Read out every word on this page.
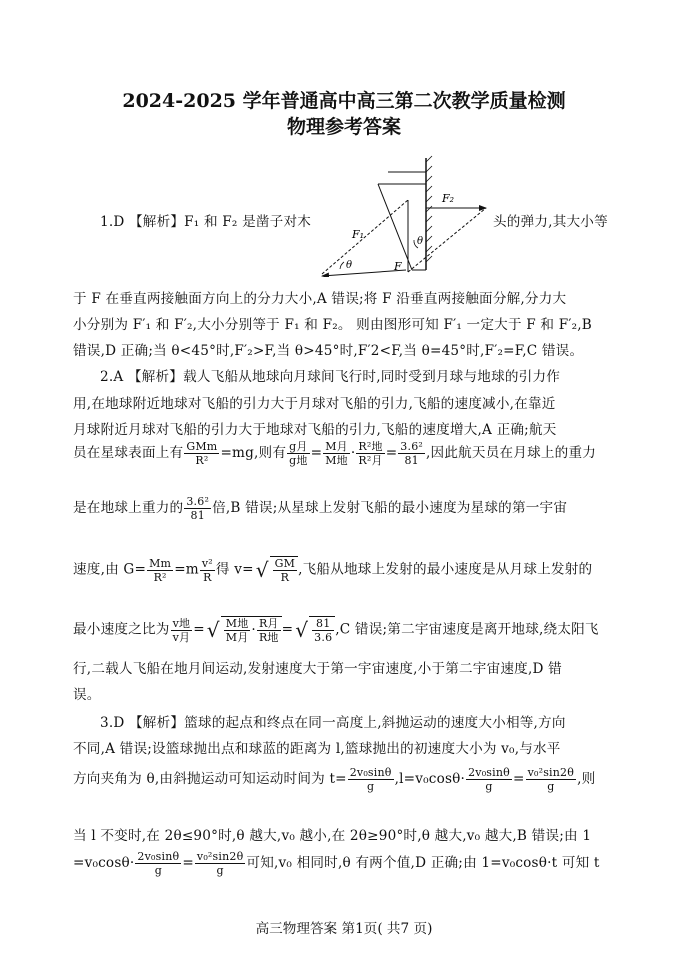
2024-2025 学年普通高中高三第二次教学质量检测
物理参考答案
F₂
F₁
F
θ
θ
1.D 【解析】F₁ 和 F₂ 是凿子对木	头的弹力,其大小等
于 F 在垂直两接触面方向上的分力大小,A 错误;将 F 沿垂直两接触面分解,分力大
小分别为 F′₁ 和 F′₂,大小分别等于 F₁ 和 F₂。 则由图形可知 F′₁ 一定大于 F 和 F′₂,B
错误,D 正确;当 θ<45°时,F′₂>F,当 θ>45°时,F′2<F,当 θ=45°时,F′₂=F,C 错误。
2.A 【解析】载人飞船从地球向月球间飞行时,同时受到月球与地球的引力作
用,在地球附近地球对飞船的引力大于月球对飞船的引力,飞船的速度减小,在靠近
月球附近月球对飞船的引力大于地球对飞船的引力,飞船的速度增大,A 正确;航天
员在星球表面上有 $\frac{\text{GMm}}{\text{R²}} =mg$,则有 $\frac{\text{g月}}{\text{g地}} = \frac{\text{M月}}{\text{M地}} \cdot \frac{\text{R²地}}{\text{R²月}} = \frac{\text{3.6²}}{81}$ ,因此航天员在月球上的重力
是在地球上重力的 $\frac{\text{3.6²}}{81}$ 倍,B 错误;从星球上发射飞船的最小速度为星球的第一宇宙
速度,由 $G= \frac{Mm}{\text{R²}} =m \frac{\text{v²}}{R}$ 得 v= √ $\frac{GM}{R}$ ,飞船从地球上发射的最小速度是从月球上发射的
最小速度之比为 $\frac{\text{v地}}{\text{v月}}$ = √ $\frac{\text{M地}}{\text{M月}} \cdot \frac{\text{R月}}{\text{R地}}$ = √ $\frac{81}{3.6} ,C$ 错误;第二宇宙速度是离开地球,绕太阳飞
行,二载人飞船在地月间运动,发射速度大于第一宇宙速度,小于第二宇宙速度,D 错
误。
3.D 【解析】篮球的起点和终点在同一高度上,斜抛运动的速度大小相等,方向
不同,A 错误;设篮球抛出点和球蓝的距离为 l,篮球抛出的初速度大小为 v₀,与水平
方向夹角为 θ,由斜抛运动可知运动时间为 $t= \frac{\text{2v₀sinθ}}{g} ,l=v_0\cos\theta\cdot \frac{\text{2v₀sinθ}}{g} = \frac{\text{v₀²sin2θ}}{g}$ ,则
当 l 不变时,在 2θ≤90°时,θ 越大,v₀ 越小,在 2θ≥90°时,θ 越大,v₀ 越大,B 错误;由 1
$=v_0\cos\theta\cdot \frac{\text{2v₀sinθ}}{g} = \frac{\text{v₀²sin2θ}}{g}$ 可知,v₀ 相同时,θ 有两个值,D 正确;由 1=v₀cosθ·t 可知 t
高三物理答案 第1页( 共7 页)
